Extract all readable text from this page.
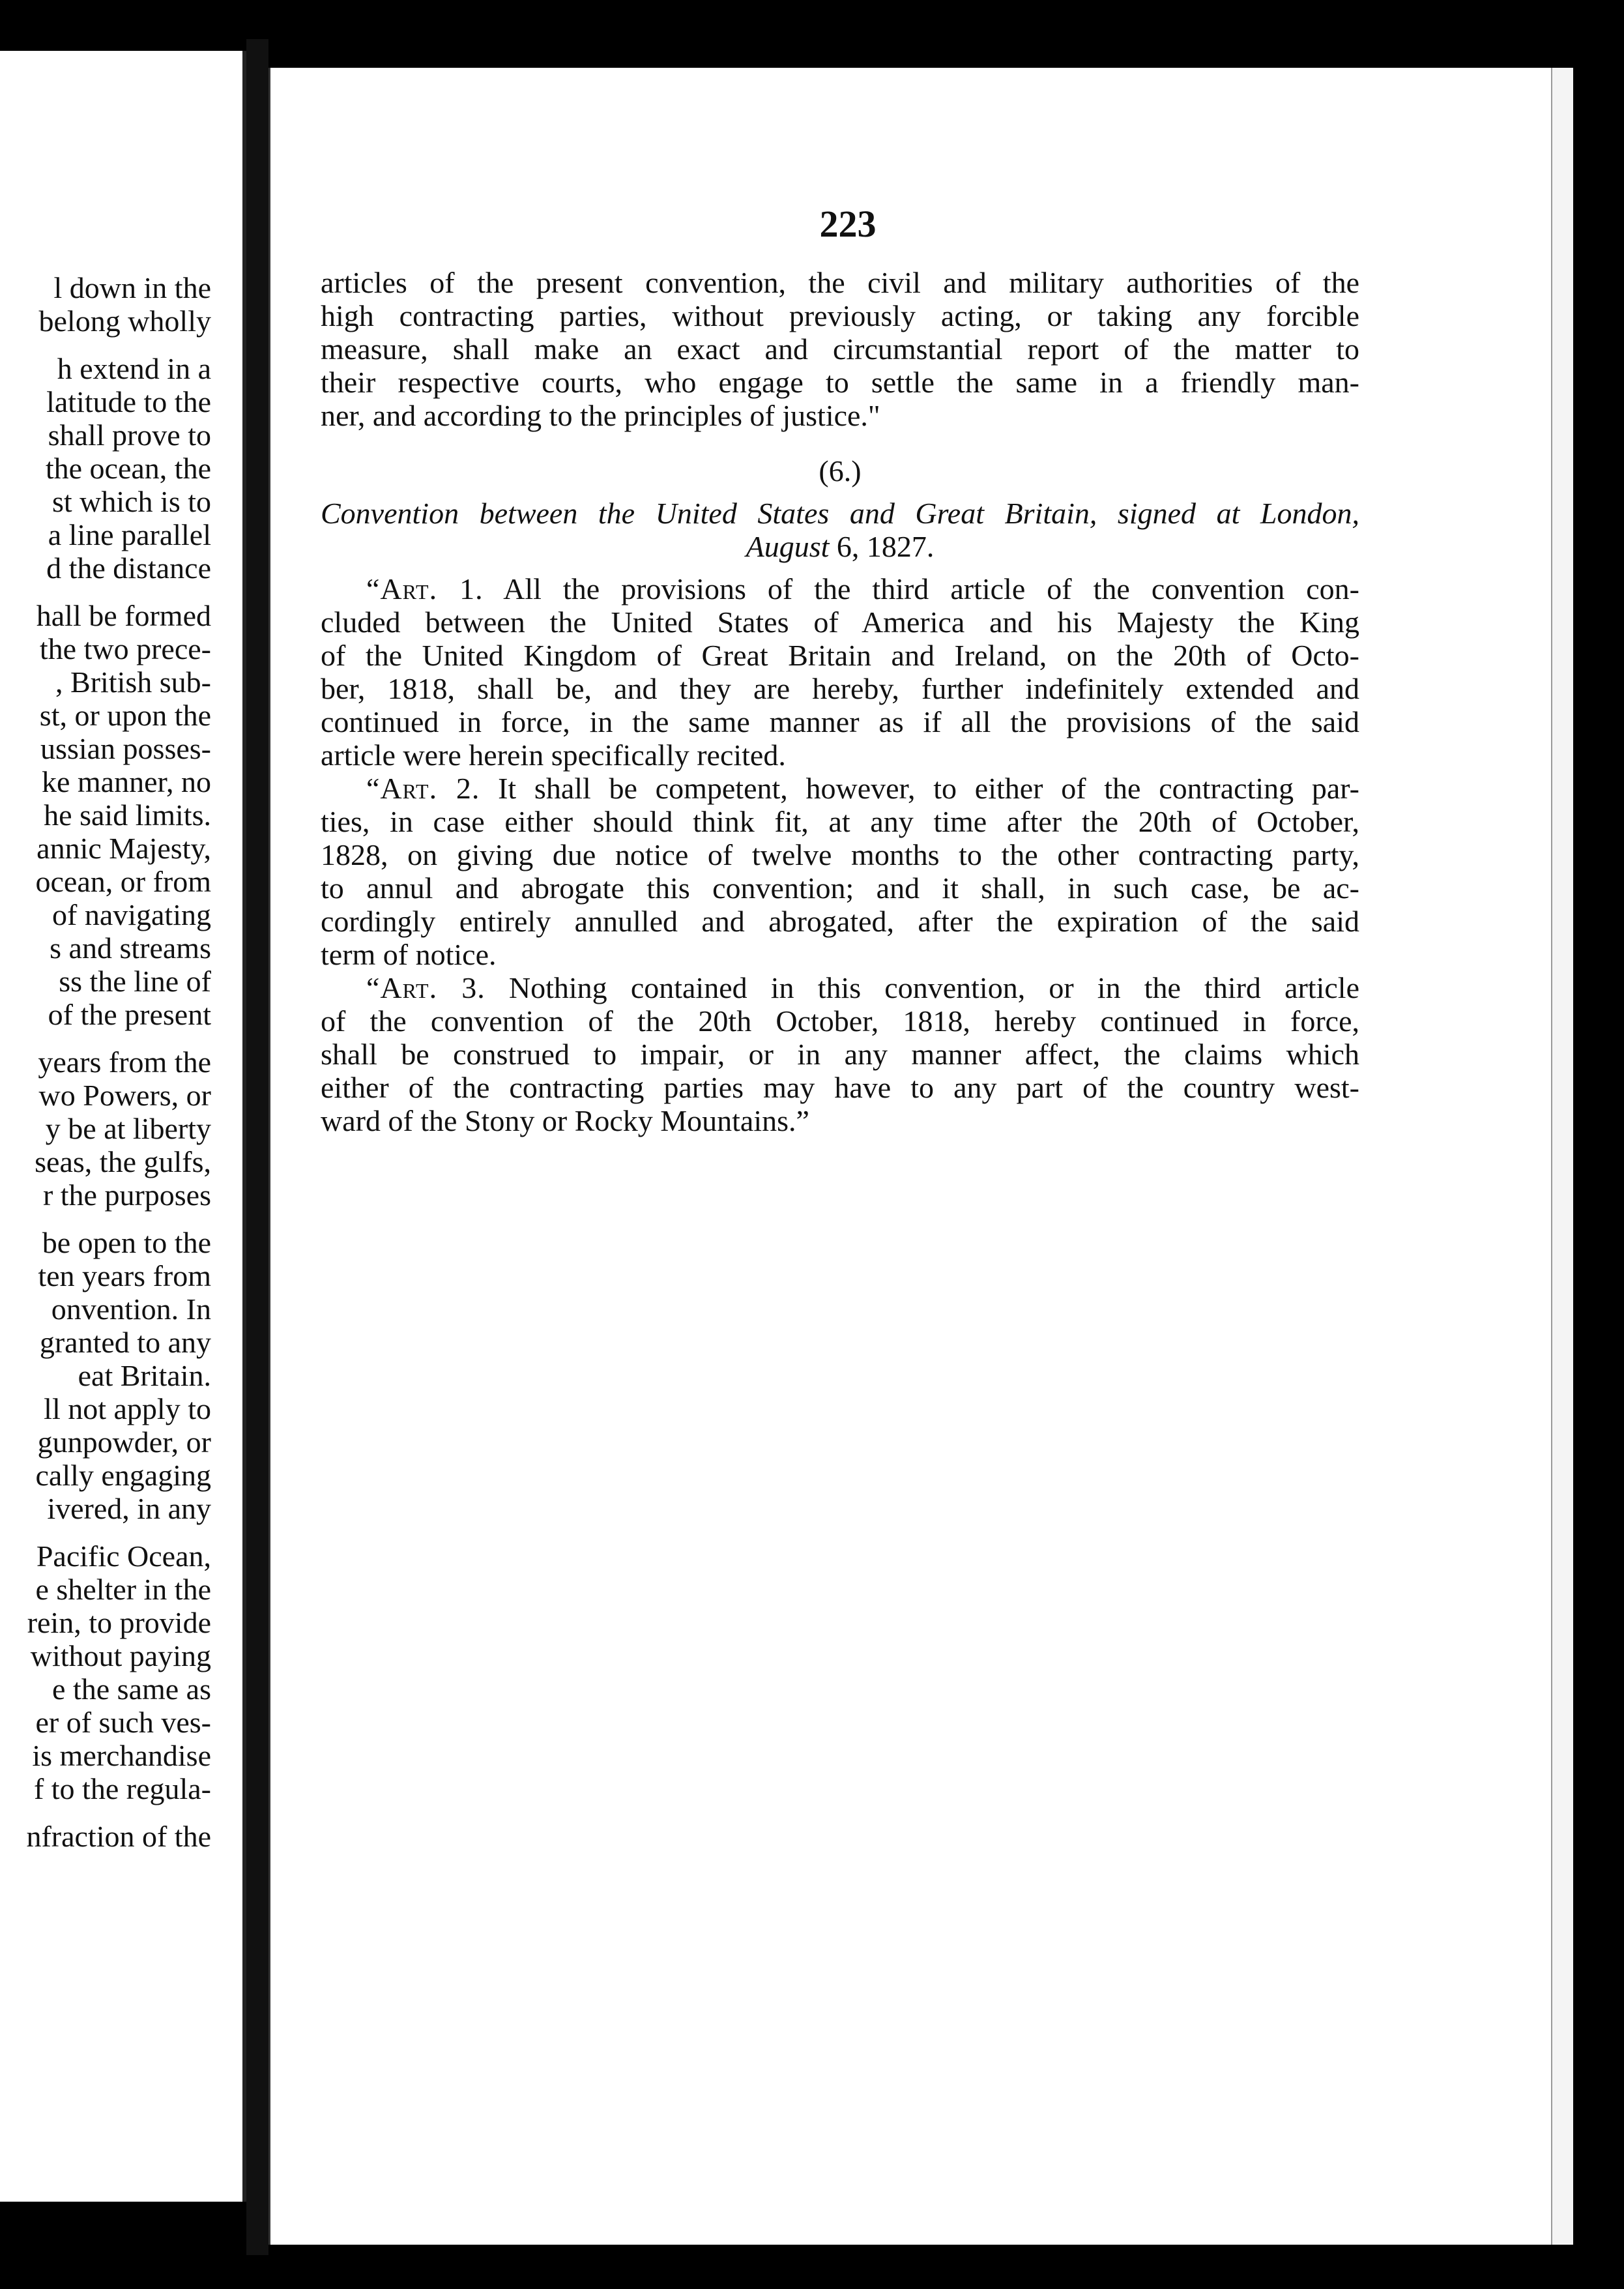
l down in the
belong wholly
h extend in a
latitude to the
shall prove to
the ocean, the
st which is to
a line parallel
d the distance
hall be formed
the two prece-
, British sub-
st, or upon the
ussian posses-
ke manner, no
he said limits.
annic Majesty,
ocean, or from
of navigating
s and streams
ss the line of
of the present
years from the
wo Powers, or
y be at liberty
seas, the gulfs,
r the purposes
be open to the
ten years from
onvention. In
granted to any
eat Britain.
ll not apply to
gunpowder, or
cally engaging
ivered, in any
Pacific Ocean,
e shelter in the
rein, to provide
without paying
e the same as
er of such ves-
is merchandise
f to the regula-
nfraction of the
223
articles of the present convention, the civil and military authorities of the
high contracting parties, without previously acting, or taking any forcible
measure, shall make an exact and circumstantial report of the matter to
their respective courts, who engage to settle the same in a friendly man-
ner, and according to the principles of justice."
(6.)
Convention between the United States and Great Britain, signed at London,
August 6, 1827.
“Art. 1. All the provisions of the third article of the convention con-
cluded between the United States of America and his Majesty the King
of the United Kingdom of Great Britain and Ireland, on the 20th of Octo-
ber, 1818, shall be, and they are hereby, further indefinitely extended and
continued in force, in the same manner as if all the provisions of the said
article were herein specifically recited.
“Art. 2. It shall be competent, however, to either of the contracting par-
ties, in case either should think fit, at any time after the 20th of October,
1828, on giving due notice of twelve months to the other contracting party,
to annul and abrogate this convention; and it shall, in such case, be ac-
cordingly entirely annulled and abrogated, after the expiration of the said
term of notice.
“Art. 3. Nothing contained in this convention, or in the third article
of the convention of the 20th October, 1818, hereby continued in force,
shall be construed to impair, or in any manner affect, the claims which
either of the contracting parties may have to any part of the country west-
ward of the Stony or Rocky Mountains.”
